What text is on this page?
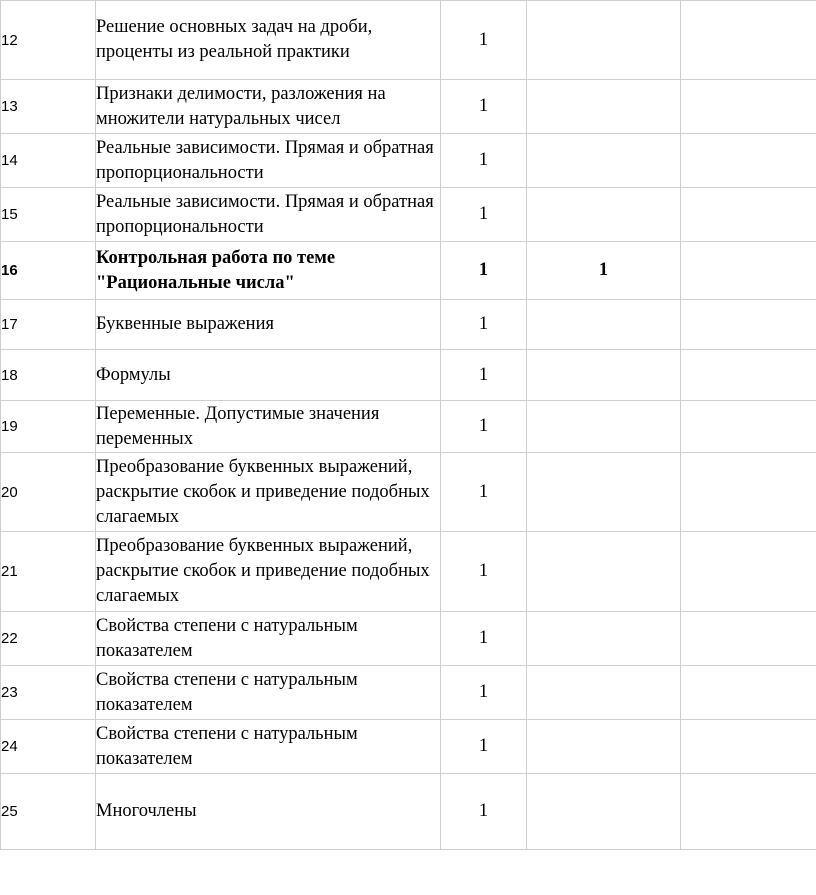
12	Решение основных задач на дроби, проценты из реальной практики	1		
13	Признаки делимости, разложения на множители натуральных чисел	1		
14	Реальные зависимости. Прямая и обратная пропорциональности	1		
15	Реальные зависимости. Прямая и обратная пропорциональности	1		
16	Контрольная работа по теме "Рациональные числа"	1	1	
17	Буквенные выражения	1		
18	Формулы	1		
19	Переменные. Допустимые значения переменных	1		
20	Преобразование буквенных выражений, раскрытие скобок и приведение подобных слагаемых	1		
21	Преобразование буквенных выражений, раскрытие скобок и приведение подобных слагаемых	1		
22	Свойства степени с натуральным показателем	1		
23	Свойства степени с натуральным показателем	1		
24	Свойства степени с натуральным показателем	1		
25	Многочлены	1		
